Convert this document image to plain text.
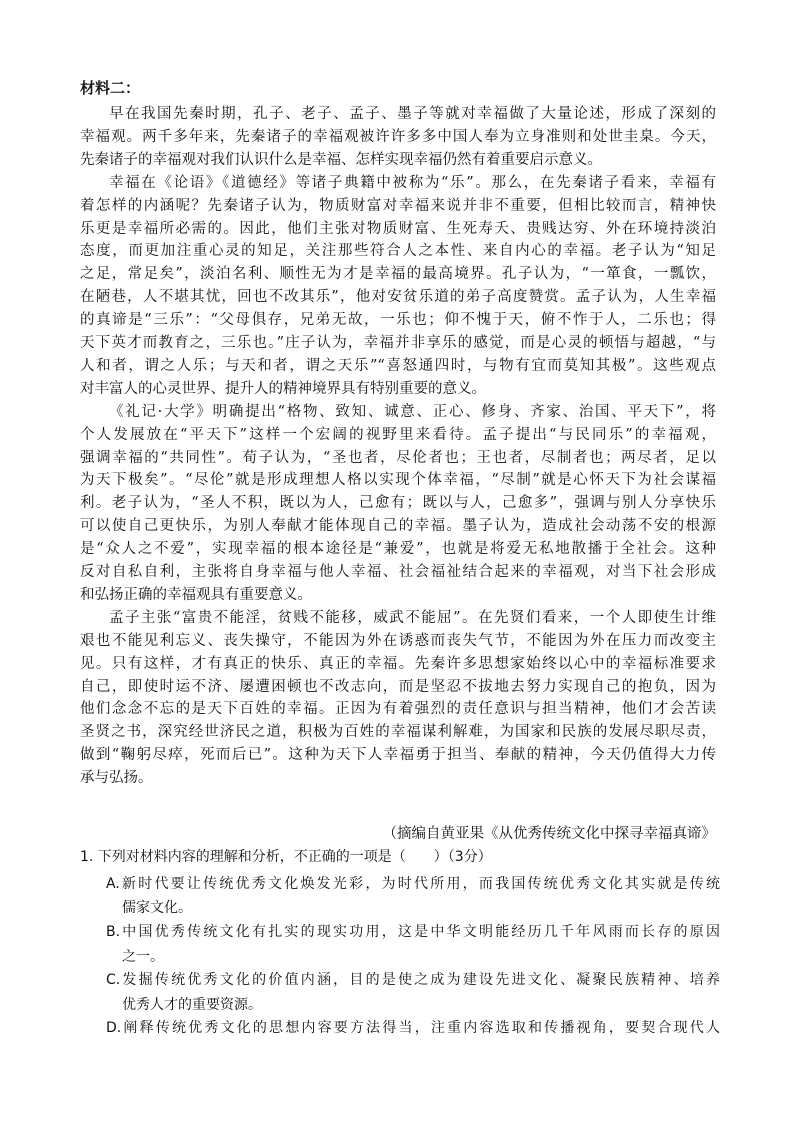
材料二：
早在我国先秦时期，孔子、老子、孟子、墨子等就对幸福做了大量论述，形成了深刻的
幸福观。两千多年来，先秦诸子的幸福观被许许多多中国人奉为立身准则和处世圭臬。今天，
先秦诸子的幸福观对我们认识什么是幸福、怎样实现幸福仍然有着重要启示意义。
幸福在《论语》《道德经》等诸子典籍中被称为“乐”。那么，在先秦诸子看来，幸福有
着怎样的内涵呢？先秦诸子认为，物质财富对幸福来说并非不重要，但相比较而言，精神快
乐更是幸福所必需的。因此，他们主张对物质财富、生死寿夭、贵贱达穷、外在环境持淡泊
态度，而更加注重心灵的知足，关注那些符合人之本性、来自内心的幸福。老子认为“知足
之足，常足矣”，淡泊名利、顺性无为才是幸福的最高境界。孔子认为，“一箪食，一瓢饮，
在陋巷，人不堪其忧，回也不改其乐”，他对安贫乐道的弟子高度赞赏。孟子认为，人生幸福
的真谛是“三乐”：“父母俱存，兄弟无故，一乐也；仰不愧于天，俯不怍于人，二乐也；得
天下英才而教育之，三乐也。”庄子认为，幸福并非享乐的感觉，而是心灵的顿悟与超越，“与
人和者，谓之人乐；与天和者，谓之天乐”“喜怒通四时，与物有宜而莫知其极”。这些观点
对丰富人的心灵世界、提升人的精神境界具有特别重要的意义。
《礼记·大学》明确提出“格物、致知、诚意、正心、修身、齐家、治国、平天下”，将
个人发展放在“平天下”这样一个宏阔的视野里来看待。孟子提出“与民同乐”的幸福观，
强调幸福的“共同性”。荀子认为，“圣也者，尽伦者也；王也者，尽制者也；两尽者，足以
为天下极矣”。“尽伦”就是形成理想人格以实现个体幸福，“尽制”就是心怀天下为社会谋福
利。老子认为，“圣人不积，既以为人，己愈有；既以与人，己愈多”，强调与别人分享快乐
可以使自己更快乐，为别人奉献才能体现自己的幸福。墨子认为，造成社会动荡不安的根源
是“众人之不爱”，实现幸福的根本途径是“兼爱”，也就是将爱无私地散播于全社会。这种
反对自私自利，主张将自身幸福与他人幸福、社会福祉结合起来的幸福观，对当下社会形成
和弘扬正确的幸福观具有重要意义。
孟子主张“富贵不能淫，贫贱不能移，威武不能屈”。在先贤们看来，一个人即使生计维
艰也不能见利忘义、丧失操守，不能因为外在诱惑而丧失气节，不能因为外在压力而改变主
见。只有这样，才有真正的快乐、真正的幸福。先秦许多思想家始终以心中的幸福标准要求
自己，即使时运不济、屡遭困顿也不改志向，而是坚忍不拔地去努力实现自己的抱负，因为
他们念念不忘的是天下百姓的幸福。正因为有着强烈的责任意识与担当精神，他们才会苦读
圣贤之书，深究经世济民之道，积极为百姓的幸福谋利解难，为国家和民族的发展尽职尽责，
做到“鞠躬尽瘁，死而后已”。这种为天下人幸福勇于担当、奉献的精神，今天仍值得大力传
承与弘扬。
（摘编自黄亚果《从优秀传统文化中探寻幸福真谛》
1. 下列对材料内容的理解和分析，不正确的一项是（　　）（3分）
A.新时代要让传统优秀文化焕发光彩，为时代所用，而我国传统优秀文化其实就是传统
儒家文化。
B.中国优秀传统文化有扎实的现实功用，这是中华文明能经历几千年风雨而长存的原因
之一。
C.发掘传统优秀文化的价值内涵，目的是使之成为建设先进文化、凝聚民族精神、培养
优秀人才的重要资源。
D.阐释传统优秀文化的思想内容要方法得当，注重内容选取和传播视角，要契合现代人
